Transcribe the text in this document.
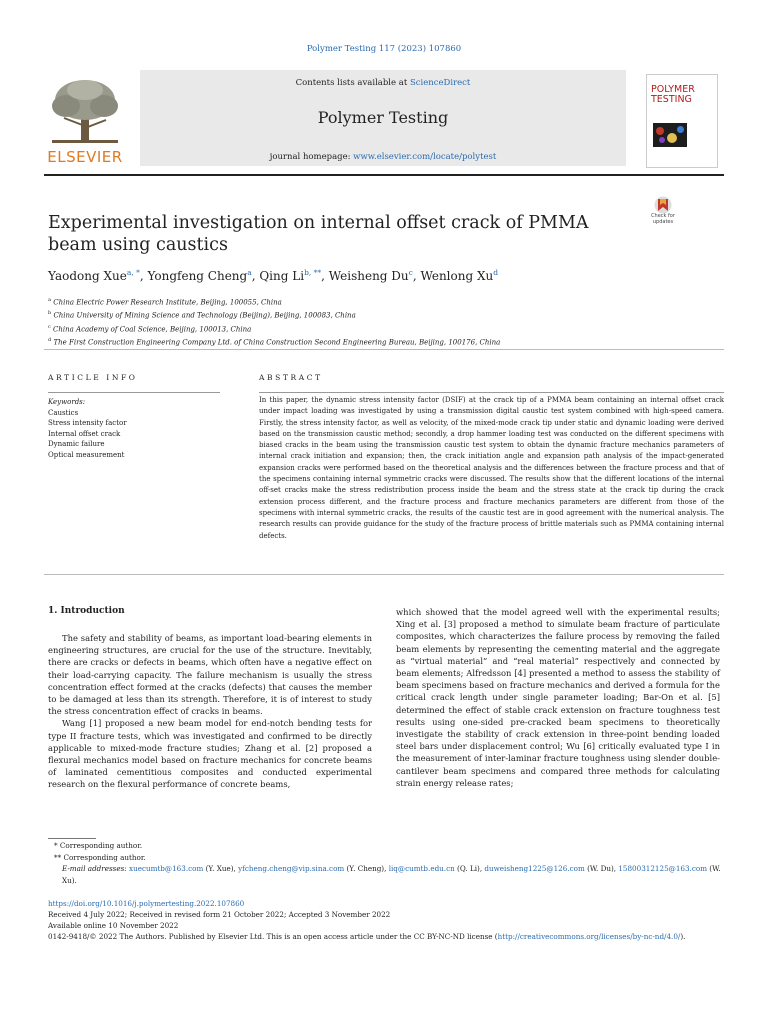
Polymer Testing 117 (2023) 107860
ELSEVIER
Contents lists available at ScienceDirect
Polymer Testing
journal homepage: www.elsevier.com/locate/polytest
POLYMER
TESTING
Check for updates
Experimental investigation on internal offset crack of PMMA beam using caustics
Yaodong Xue$^{a, *}$, Yongfeng Cheng$^a$, Qing $Li^{b, **}$, Weisheng Du$^c$, Wenlong Xu$^d$
$^a$ China Electric Power Research Institute, Beijing, 100055, China
$^b$ China University of Mining Science and Technology (Beijing), Beijing, 100083, China
$^c$ China Academy of Coal Science, Beijing, 100013, China
$^d$ The First Construction Engineering Company Ltd. of China Construction Second Engineering Bureau, Beijing, 100176, China
ARTICLE INFO	ABSTRACT
Keywords:
Caustics
Stress intensity factor
Internal offset crack
Dynamic failure
Optical measurement
In this paper, the dynamic stress intensity factor (DSIF) at the crack tip of a PMMA beam containing an internal offset crack under impact loading was investigated by using a transmission digital caustic test system combined with high-speed camera. Firstly, the stress intensity factor, as well as velocity, of the mixed-mode crack tip under static and dynamic loading were derived based on the transmission caustic method; secondly, a drop hammer loading test was conducted on the different specimens with biased cracks in the beam using the transmission caustic test system to obtain the dynamic fracture mechanics parameters of internal crack initiation and expansion; then, the crack initiation angle and expansion path analysis of the impact-generated expansion cracks were performed based on the theoretical analysis and the differences between the fracture process and that of the specimens containing internal symmetric cracks were discussed. The results show that the different locations of the internal off-set cracks make the stress redistribution process inside the beam and the stress state at the crack tip during the crack extension process different, and the fracture process and fracture mechanics parameters are different from those of the specimens with internal symmetric cracks, the results of the caustic test are in good agreement with the numerical analysis. The research results can provide guidance for the study of the fracture process of brittle materials such as PMMA containing internal defects.
1. Introduction

The safety and stability of beams, as important load-bearing elements in engineering structures, are crucial for the use of the structure. Inevitably, there are cracks or defects in beams, which often have a negative effect on their load-carrying capacity. The failure mechanism is usually the stress concentration effect formed at the cracks (defects) that causes the member to be damaged at less than its strength. Therefore, it is of interest to study the stress concentration effect of cracks in beams.

Wang [1] proposed a new beam model for end-notch bending tests for type II fracture tests, which was investigated and confirmed to be directly applicable to mixed-mode fracture studies; Zhang et al. [2] proposed a flexural mechanics model based on fracture mechanics for concrete beams of laminated cementitious composites and conducted experimental research on the flexural performance of concrete beams,

which showed that the model agreed well with the experimental results; Xing et al. [3] proposed a method to simulate beam fracture of particulate composites, which characterizes the failure process by removing the failed beam elements by representing the cementing material and the aggregate as “virtual material” and “real material” respectively and connected by beam elements; Alfredsson [4] presented a method to assess the stability of beam specimens based on fracture mechanics and derived a formula for the critical crack length under single parameter loading; Bar-On et al. [5] determined the effect of stable crack extension on fracture toughness test results using one-sided pre-cracked beam specimens to theoretically investigate the stability of crack extension in three-point bending loaded steel bars under displacement control; Wu [6] critically evaluated type I in the measurement of inter-laminar fracture toughness using slender double-cantilever beam specimens and compared three methods for calculating strain energy release rates;

* Corresponding author.
** Corresponding author.
E-mail addresses: xuecumtb@163.com (Y. Xue), yfcheng.cheng@vip.sina.com (Y. Cheng), liq@cumtb.edu.cn (Q. Li), duweisheng1225@126.com (W. Du), 15800312125@163.com (W. Xu).
https://doi.org/10.1016/j.polymertesting.2022.107860
Received 4 July 2022; Received in revised form 21 October 2022; Accepted 3 November 2022
Available online 10 November 2022
0142-9418/© 2022 The Authors. Published by Elsevier Ltd. This is an open access article under the CC BY-NC-ND license (http://creativecommons.org/licenses/by-nc-nd/4.0/).
